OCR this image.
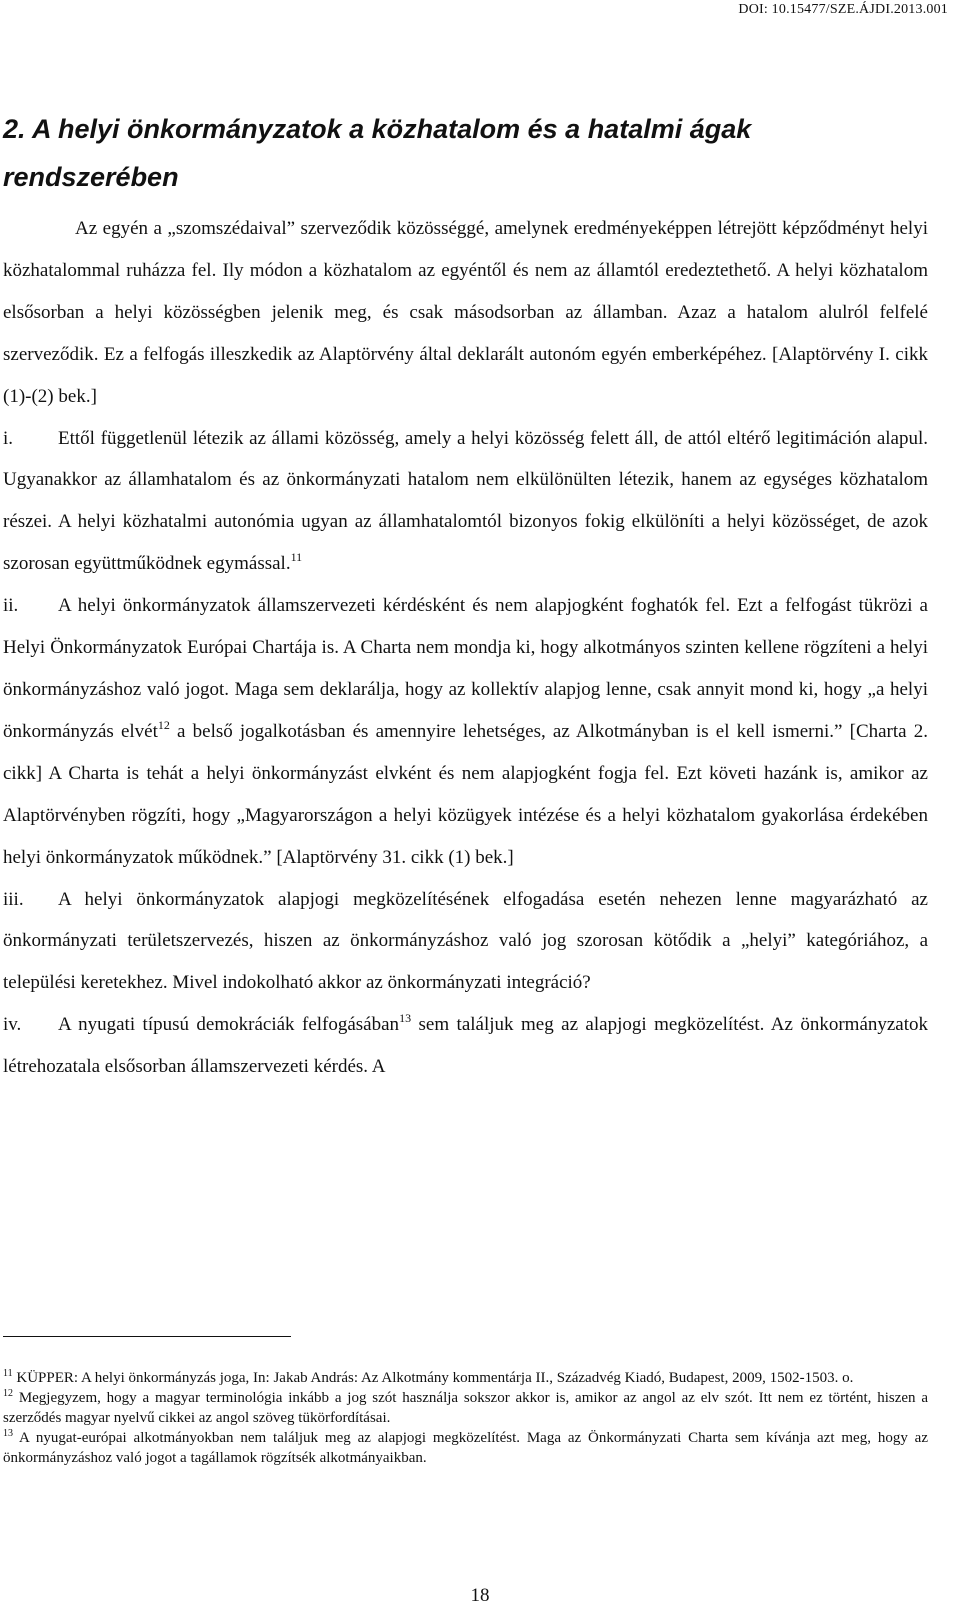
DOI: 10.15477/SZE.ÁJDI.2013.001
2. A helyi önkormányzatok a közhatalom és a hatalmi ágak rendszerében

Az egyén a „szomszédaival” szerveződik közösséggé, amelynek eredményeképpen létrejött képződményt helyi közhatalommal ruházza fel. Ily módon a közhatalom az egyéntől és nem az államtól eredeztethető. A helyi közhatalom elsősorban a helyi közösségben jelenik meg, és csak másodsorban az államban. Azaz a hatalom alulról felfelé szerveződik. Ez a felfogás illeszkedik az Alaptörvény által deklarált autonóm egyén emberképéhez. [Alaptörvény I. cikk (1)-(2) bek.]

i. Ettől függetlenül létezik az állami közösség, amely a helyi közösség felett áll, de attól eltérő legitimáción alapul. Ugyanakkor az államhatalom és az önkormányzati hatalom nem elkülönülten létezik, hanem az egységes közhatalom részei. A helyi közhatalmi autonómia ugyan az államhatalomtól bizonyos fokig elkülöníti a helyi közösséget, de azok szorosan együttműködnek egymással.$^{11}$

ii. A helyi önkormányzatok államszervezeti kérdésként és nem alapjogként foghatók fel. Ezt a felfogást tükrözi a Helyi Önkormányzatok Európai Chartája is. A Charta nem mondja ki, hogy alkotmányos szinten kellene rögzíteni a helyi önkormányzáshoz való jogot. Maga sem deklarálja, hogy az kollektív alapjog lenne, csak annyit mond ki, hogy „a helyi önkormányzás elvét$^{12}$ a belső jogalkotásban és amennyire lehetséges, az Alkotmányban is el kell ismerni.” [Charta 2. cikk] A Charta is tehát a helyi önkormányzást elvként és nem alapjogként fogja fel. Ezt követi hazánk is, amikor az Alaptörvényben rögzíti, hogy „Magyarországon a helyi közügyek intézése és a helyi közhatalom gyakorlása érdekében helyi önkormányzatok működnek.” [Alaptörvény 31. cikk (1) bek.]

iii. A helyi önkormányzatok alapjogi megközelítésének elfogadása esetén nehezen lenne magyarázható az önkormányzati területszervezés, hiszen az önkormányzáshoz való jog szorosan kötődik a „helyi” kategóriához, a települési keretekhez. Mivel indokolható akkor az önkormányzati integráció?

iv. A nyugati típusú demokráciák felfogásában$^{13}$ sem találjuk meg az alapjogi megközelítést. Az önkormányzatok létrehozatala elsősorban államszervezeti kérdés. A

$^{11}$ KÜPPER: A helyi önkormányzás joga, In: Jakab András: Az Alkotmány kommentárja II., Századvég Kiadó, Budapest, 2009, 1502-1503. o.

$^{12}$ Megjegyzem, hogy a magyar terminológia inkább a jog szót használja sokszor akkor is, amikor az angol az elv szót. Itt nem ez történt, hiszen a szerződés magyar nyelvű cikkei az angol szöveg tükörfordításai.

$^{13}$ A nyugat-európai alkotmányokban nem találjuk meg az alapjogi megközelítést. Maga az Önkormányzati Charta sem kívánja azt meg, hogy az önkormányzáshoz való jogot a tagállamok rögzítsék alkotmányaikban.

18
